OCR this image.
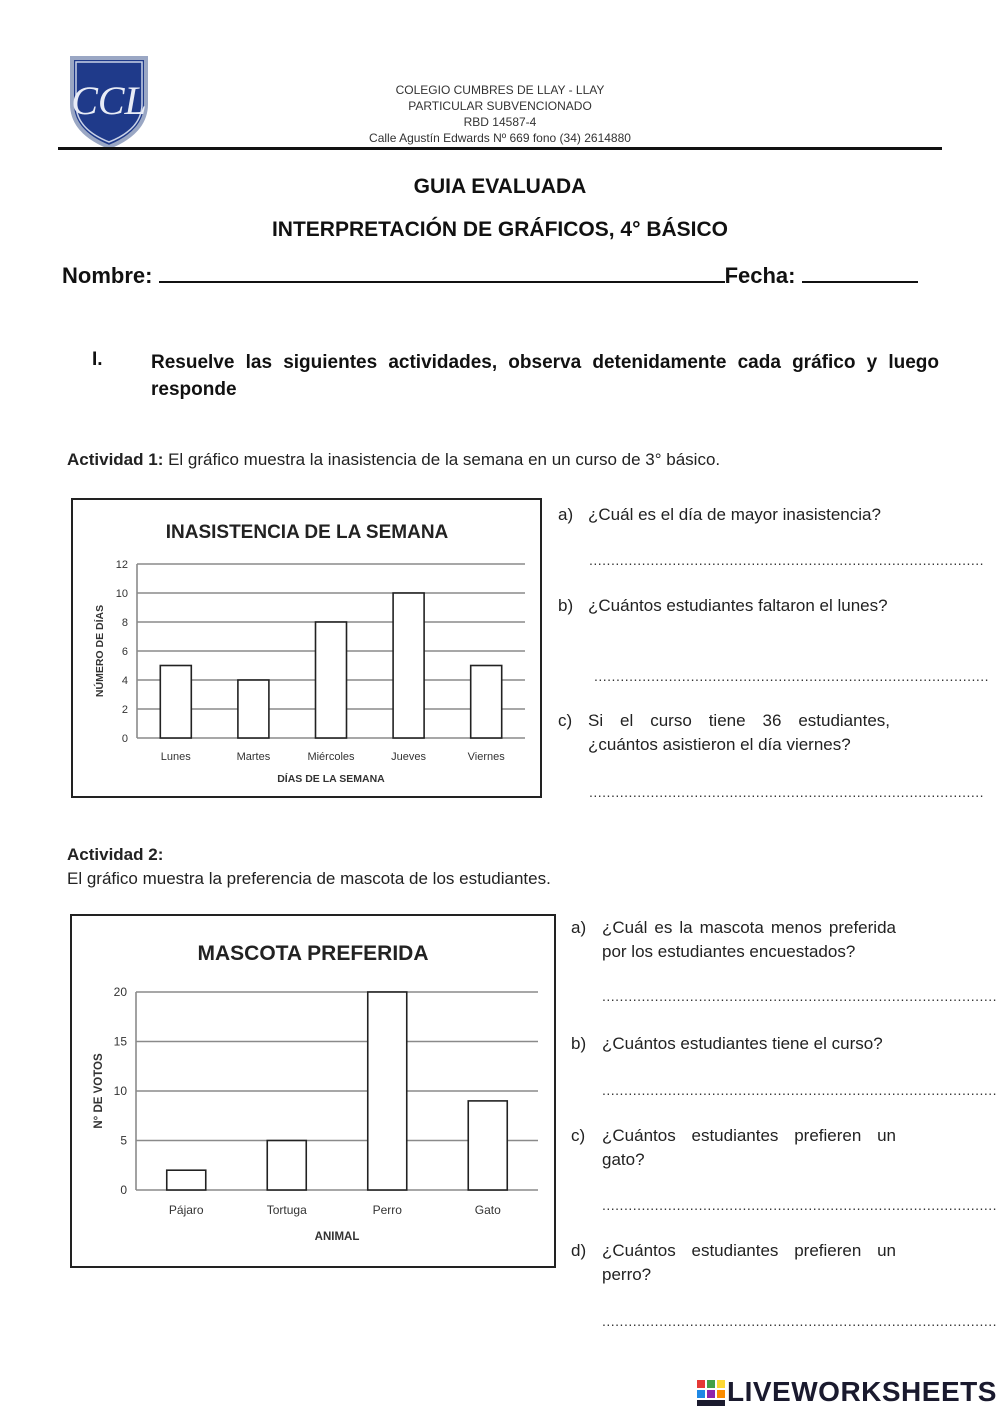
CCL	COLEGIO CUMBRES DE LLAY - LLAY
PARTICULAR SUBVENCIONADO
RBD 14587-4
Calle Agustín Edwards Nº 669 fono (34) 2614880
GUIA EVALUADA
INTERPRETACIÓN DE GRÁFICOS, 4° BÁSICO
Nombre:	Fecha:
I.	Resuelve las siguientes actividades, observa detenidamente cada gráfico y luego responde
Actividad 1: El gráfico muestra la inasistencia de la semana en un curso de 3° básico.
INASISTENCIA DE LA SEMANA
0
2
4
6
8
10
12
Lunes	Martes	Miércoles	Jueves	Viernes
DÍAS DE LA SEMANA
NÚMERO DE DÍAS
a) ¿Cuál es el día de mayor inasistencia?
..........................................................................................
b) ¿Cuántos estudiantes faltaron el lunes?
..........................................................................................
c) Si el curso tiene 36 estudiantes, ¿cuántos asistieron el día viernes?
..........................................................................................
Actividad 2:
El gráfico muestra la preferencia de mascota de los estudiantes.
MASCOTA PREFERIDA
0
5
10
15
20
Pájaro	Tortuga	Perro	Gato
ANIMAL
N° DE VOTOS
a) ¿Cuál es la mascota menos preferida por los estudiantes encuestados?
..........................................................................................
b) ¿Cuántos estudiantes tiene el curso?
..........................................................................................
c) ¿Cuántos estudiantes prefieren un gato?
..........................................................................................
d) ¿Cuántos estudiantes prefieren un perro?
..........................................................................................
LIVEWORKSHEETS
